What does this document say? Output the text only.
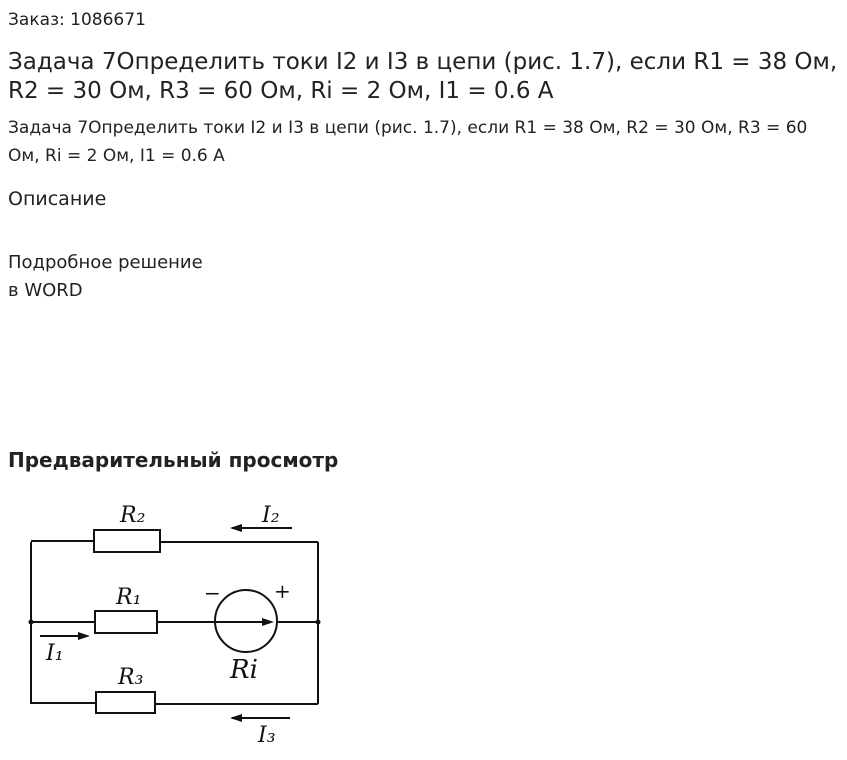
Заказ: 1086671
Задача 7Определить токи I2 и I3 в цепи (рис. 1.7), если R1 = 38 Ом, R2 = 30 Ом, R3 = 60 Ом, Ri = 2 Ом, I1 = 0.6 А
Задача 7Определить токи I2 и I3 в цепи (рис. 1.7), если R1 = 38 Ом, R2 = 30 Ом, R3 = 60 Ом, Ri = 2 Ом, I1 = 0.6 А
Описание
Подробное решение
в WORD
Предварительный просмотр
R₂	I₂
R₁	−	+
I₁
Ri
R₃
I₃
